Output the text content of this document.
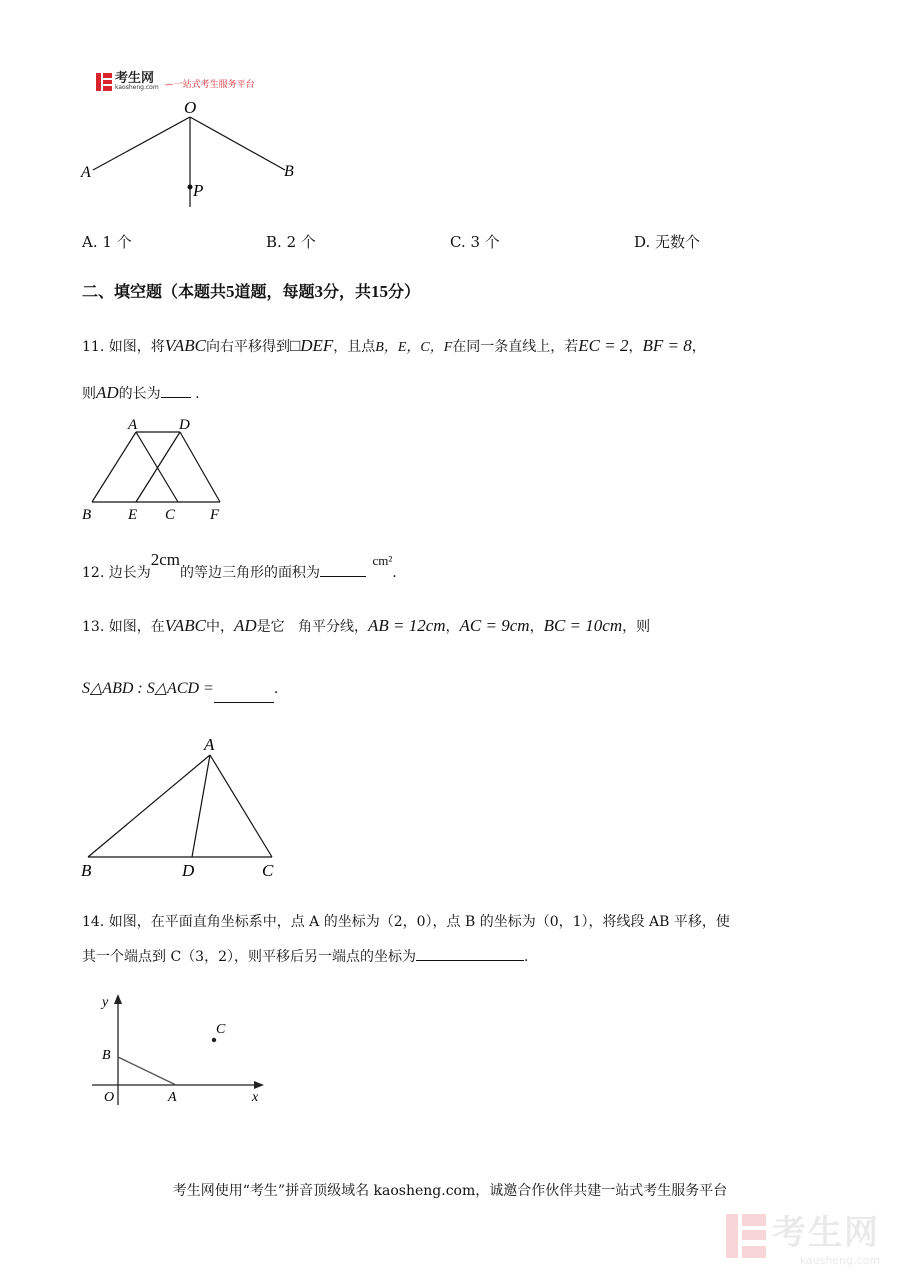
考生网
kaosheng.com —一站式考生服务平台
O
A	B
P
A. 1 个	B. 2 个	C. 3 个	D. 无数个
二、填空题（本题共5道题，每题3分，共15分）
11. 如图，将VABC向右平移得到□DEF，且点B，E，C，F在同一条直线上，若EC = 2，BF = 8，
则AD的长为 .
A	D
B E C F
12. 边长为2cm的等边三角形的面积为 cm².
13. 如图，在VABC中，AD是它 角平分线，AB = 12cm，AC = 9cm，BC = 10cm，则
S△ABD : S△ACD =	.
A
B	D	C
14. 如图，在平面直角坐标系中，点 A 的坐标为（2，0），点 B 的坐标为（0，1），将线段 AB 平移，使
其一个端点到 C（3，2），则平移后另一端点的坐标为	.
y
x
O	A
B
C
考生网使用“考生”拼音顶级域名 kaosheng.com，诚邀合作伙伴共建一站式考生服务平台
考生网
kaosheng.com
